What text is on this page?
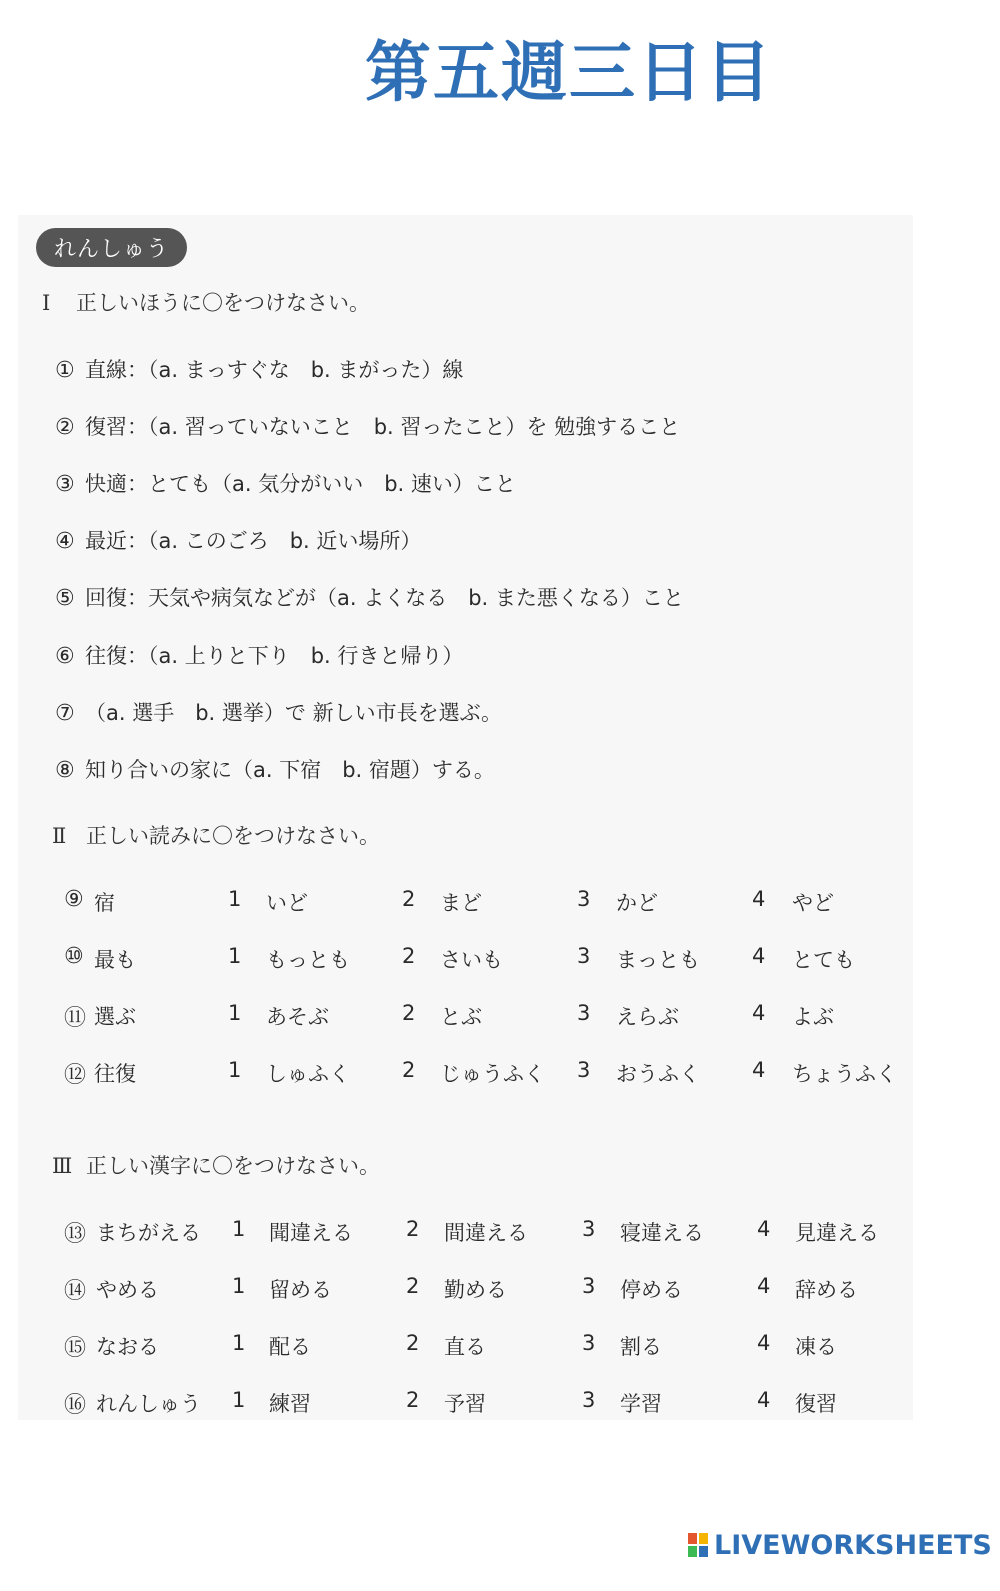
第五週三日目
れんしゅう
Ⅰ 正しいほうに〇をつけなさい。
① 直線：（a. まっすぐな　b. まがった）線
② 復習：（a. 習っていないこと　b. 習ったこと）を 勉強すること
③ 快適：とても（a. 気分がいい　b. 速い）こと
④ 最近：（a. このごろ　b. 近い場所）
⑤ 回復：天気や病気などが（a. よくなる　b. また悪くなる）こと
⑥ 往復：（a. 上りと下り　b. 行きと帰り）
⑦ （a. 選手　b. 選挙）で 新しい市長を選ぶ。
⑧ 知り合いの家に（a. 下宿　b. 宿題）する。
Ⅱ 正しい読みに〇をつけなさい。
⑨ 宿	1 いど	2 まど	3 かど	4 やど
⑩ 最も	1 もっとも 2 さいも	3 まっとも 4 とても
⑪ 選ぶ	1 あそぶ	2 とぶ	3 えらぶ	4 よぶ
⑫ 往復	1 しゅふく 2 じゅうふく 3 おうふく 4 ちょうふく
Ⅲ 正しい漢字に〇をつけなさい。
⑬ まちがえる 1 聞違える	2 間違える	3 寝違える	4 見違える
⑭ やめる	1 留める	2 勤める	3 停める	4 辞める
⑮ なおる	1 配る	2 直る	3 割る	4 凍る
⑯ れんしゅう 1 練習	2 予習	3 学習	4 復習
LIVEWORKSHEETS
